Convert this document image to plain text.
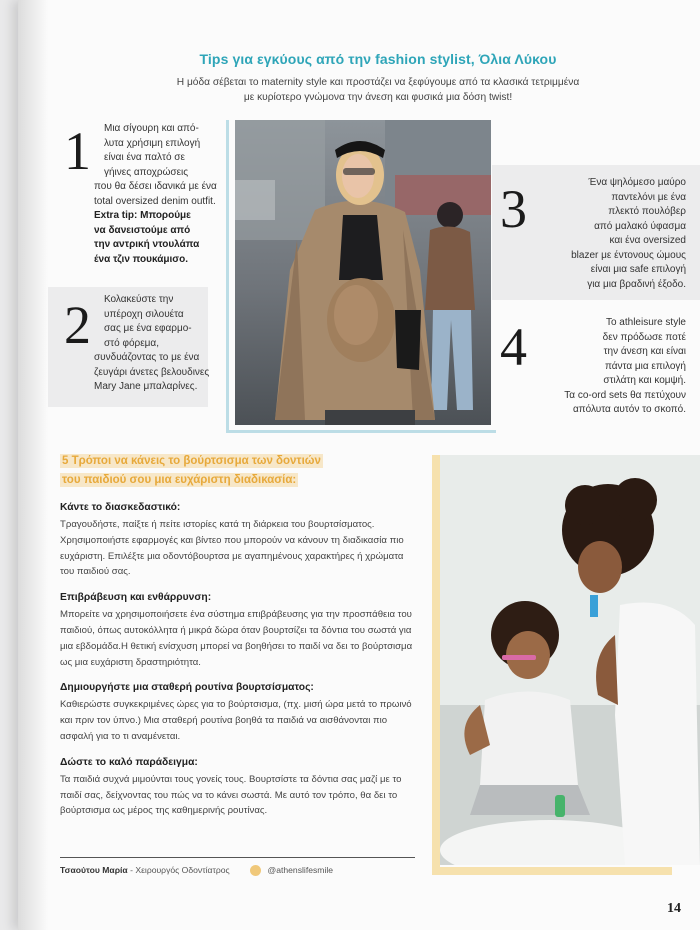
Tips για εγκύους από την fashion stylist, Όλια Λύκου
Η μόδα σέβεται το maternity style και προστάζει να ξεφύγουμε από τα κλασικά τετριμμένα
με κυρίοτερο γνώμονα την άνεση και φυσικά μια δόση twist!
1 Μια σίγουρη και από-
λυτα χρήσιμη επιλογή
είναι ένα παλτό σε
γήινες αποχρώσεις
που θα δέσει ιδανικά με ένα
total oversized denim outfit.
Extra tip: Μπορούμε
να δανειστούμε από
την αντρική ντουλάπα
ένα τζιν πουκάμισο.
2 Κολακεύστε την
υπέροχη σιλουέτα
σας με ένα εφαρμο-
στό φόρεμα,
συνδυάζοντας το με ένα
ζευγάρι άνετες βελουδινες
Mary Jane μπαλαρίνες.
3	Ένα ψηλόμεσο μαύρο
παντελόνι με ένα
πλεκτό πουλόβερ
από μαλακό ύφασμα
και ένα oversized
blazer με έντονους ώμους
είναι μια safe επιλογή
για μια βραδινή έξοδο.
4	Το athleisure style
δεν πρόδωσε ποτέ
την άνεση και είναι
πάντα μια επιλογή
στιλάτη και κομψή.
Τα co-ord sets θα πετύχουν
απόλυτα αυτόν το σκοπό.
5 Τρόποι να κάνεις το βούρτσισμα των δοντιών
του παιδιού σου μια ευχάριστη διαδικασία:
Κάντε το διασκεδαστικό:
Τραγουδήστε, παίξτε ή πείτε ιστορίες κατά τη διάρκεια του βουρτσίσματος. Χρησιμοποιήστε εφαρμογές και βίντεο που μπορούν να κάνουν τη διαδικασία πιο ευχάριστη. Επιλέξτε μια οδοντόβουρτσα με αγαπημένους χαρακτήρες ή χρώματα του παιδιού σας.
Επιβράβευση και ενθάρρυνση:
Μπορείτε να χρησιμοποιήσετε ένα σύστημα επιβράβευσης για την προσπάθεια του παιδιού, όπως αυτοκόλλητα ή μικρά δώρα όταν βουρτσίζει τα δόντια του σωστά για μια εβδομάδα.Η θετική ενίσχυση μπορεί να βοηθήσει το παιδί να δει το βούρτσισμα ως μια ευχάριστη δραστηριότητα.
Δημιουργήστε μια σταθερή ρουτίνα βουρτσίσματος:
Καθιερώστε συγκεκριμένες ώρες για το βούρτσισμα, (πχ. μισή ώρα μετά το πρωινό και πριν τον ύπνο.) Μια σταθερή ρουτίνα βοηθά τα παιδιά να αισθάνονται πιο ασφαλή για το τι αναμένεται.
Δώστε το καλό παράδειγμα:
Τα παιδιά συχνά μιμούνται τους γονείς τους. Βουρτσίστε τα δόντια σας μαζί με το παιδί σας, δείχνοντας του πώς να το κάνει σωστά. Με αυτό τον τρόπο, θα δει το βούρτσισμα ως μέρος της καθημερινής ρουτίνας.
Τσαούτου Μαρία - Χειρουργός Οδοντίατρος	@athenslifesmile
14
